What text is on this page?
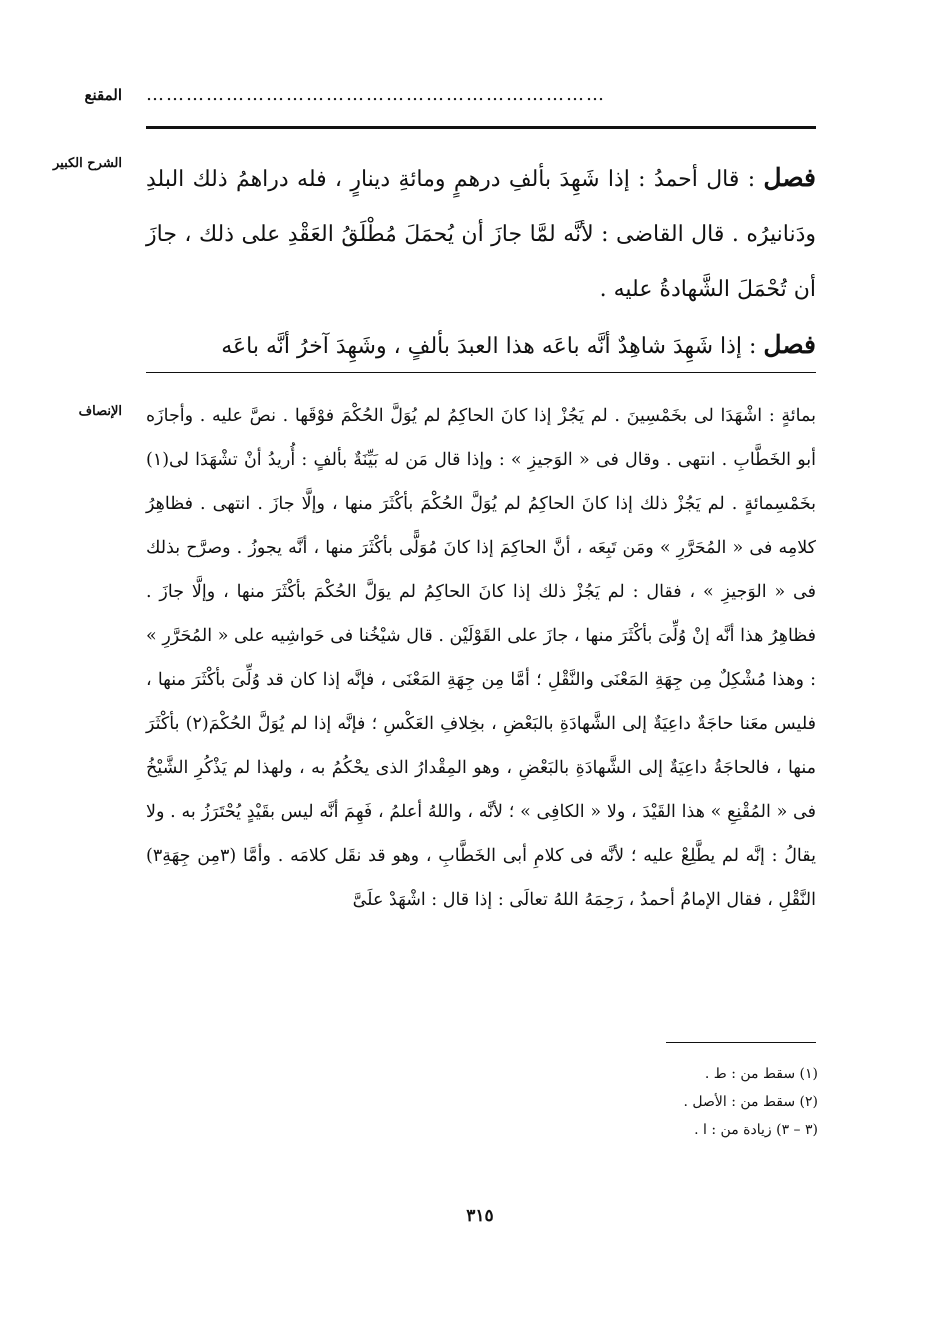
المقنع ……………………………………………………………
الشرح الكبير
الإنصاف

فصل : قال أحمدُ : إذا شَهِدَ بألفِ درهمٍ ومائةِ دينارٍ ، فله دراهمُ ذلك البلدِ ودَنانيرُه . قال القاضى : لأنَّه لمَّا جازَ أن يُحمَلَ مُطْلَقُ العَقْدِ على ذلك ، جازَ أن تُحْمَلَ الشَّهادةُ عليه .

فصل : إذا شَهِدَ شاهِدٌ أنَّه باعَه هذا العبدَ بألفٍ ، وشَهِدَ آخرُ أنَّه باعَه

بمائةٍ : اشْهَدَا لى بخَمْسِينَ . لم يَجُزْ إذا كانَ الحاكِمُ لم يُوَلَّ الحُكْمَ فوْقَها . نصَّ عليه . وأجازَه أبو الخَطَّابِ . انتهى . وقال فى « الوَجيزِ » : وإذا قال مَن له بَيِّنَةٌ بألفٍ : أُريدُ أنْ تشْهَدَا لى(١) بخَمْسِمائةٍ . لم يَجُزْ ذلك إذا كانَ الحاكِمُ لم يُوَلَّ الحُكْمَ بأكْثَرَ منها ، وإلَّا جازَ . انتهى . فظاهِرُ كلامِه فى « المُحَرَّرِ » ومَن تَبِعَه ، أنَّ الحاكِمَ إذا كانَ مُوَلًّى بأكْثَرَ منها ، أنَّه يجوزُ . وصرَّح بذلك فى « الوَجيزِ » ، فقال : لم يَجُزْ ذلك إذا كانَ الحاكِمُ لم يوَلَّ الحُكْمَ بأكْثَرَ منها ، وإلَّا جازَ . فظاهِرُ هذا أنَّه إنْ وُلِّىَ بأكْثَرَ منها ، جازَ على القَوْلَيْن . قال شيْخُنا فى حَواشِيه على « المُحَرَّرِ » : وهذا مُشْكِلٌ مِن جِهَةِ المَعْنَى والنَّقْلِ ؛ أمَّا مِن جِهَةِ المَعْنَى ، فإنَّه إذا كان قد وُلِّىَ بأكْثَرَ منها ، فليس معَنا حاجَةٌ داعِيَةٌ إلى الشَّهادَةِ بالبَعْضِ ، بخِلافِ العَكْسِ ؛ فإنَّه إذا لم يُوَلَّ الحُكْمَ(٢) بأكْثَرَ منها ، فالحاجَةُ داعِيَةٌ إلى الشَّهادَةِ بالبَعْضِ ، وهو المِقْدارُ الذى يحْكُمُ به ، ولهذا لم يَذْكُرِ الشَّيْخُ فى « المُقْنِعِ » هذا القَيْدَ ، ولا « الكافِى » ؛ لأنَّه ، واللهُ أعلمُ ، فَهِمَ أنَّه ليس بقَيْدٍ يُحْتَرَزُ به . ولا يقالُ : إنَّه لم يطَّلِعْ عليه ؛ لأنَّه فى كلامِ أبى الخَطَّابِ ، وهو قد نقَل كلامَه . وأمَّا (٣مِن جِهَةِ٣) النَّقْلِ ، فقال الإمامُ أحمدُ ، رَحِمَهُ اللهُ تعالَى : إذا قال : اشْهَدْ علَىَّ

(١) سقط من : ط .
(٢) سقط من : الأصل .
(٣ – ٣) زيادة من : ا .
٣١٥
